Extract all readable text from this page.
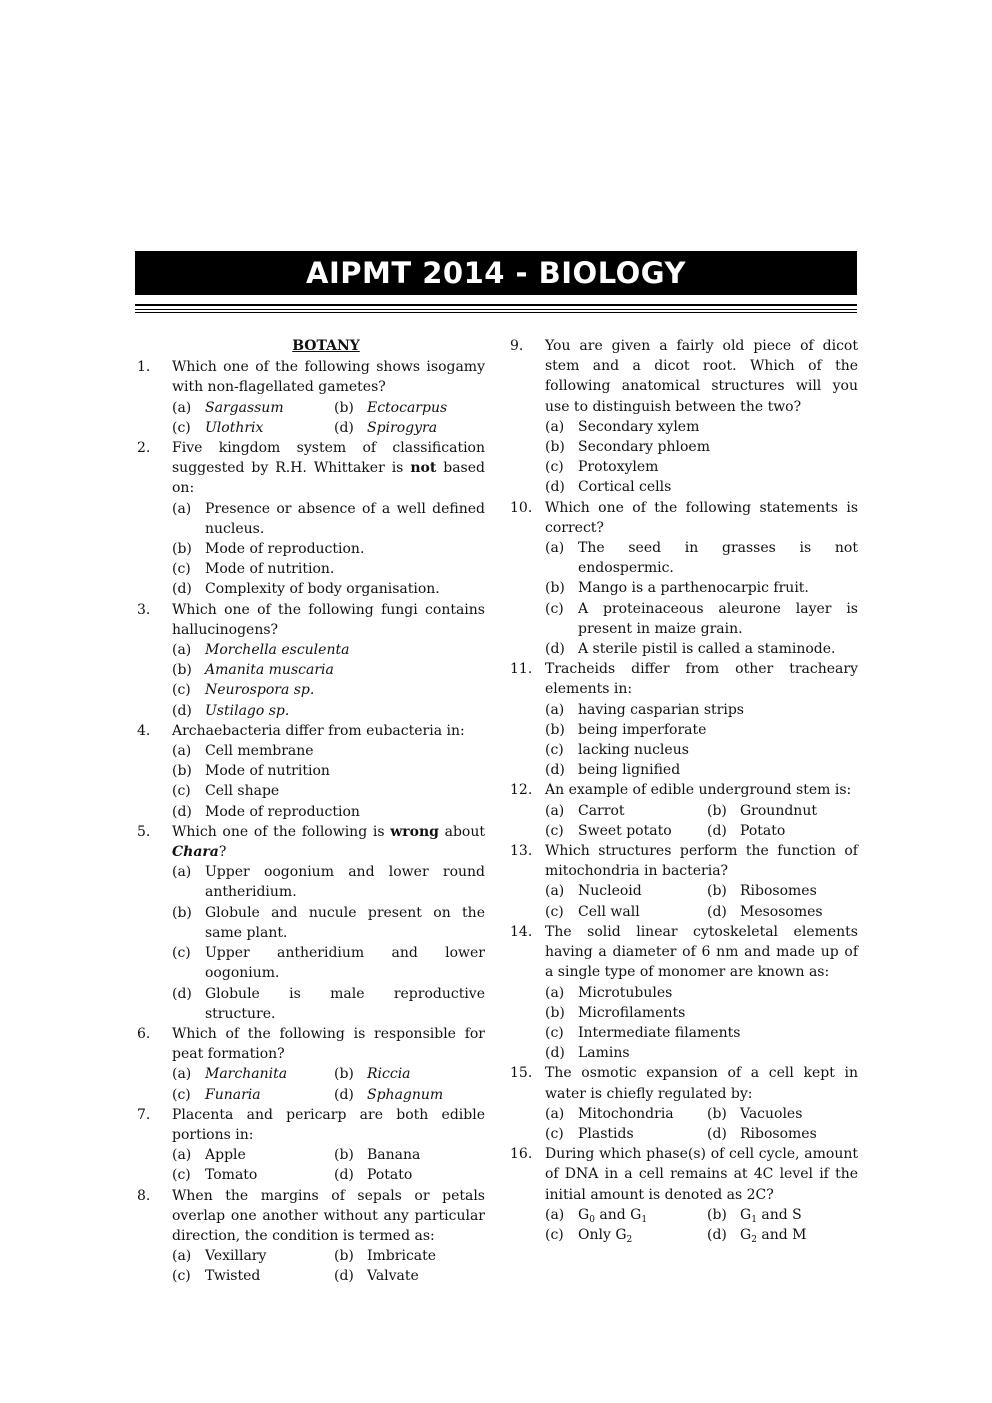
AIPMT 2014 - BIOLOGY
BOTANY
1. Which one of the following shows isogamy with non-flagellated gametes?
(a) Sargassum	(b) Ectocarpus
(c) Ulothrix	(d) Spirogyra
2. Five kingdom system of classification suggested by R.H. Whittaker is not based on:
(a) Presence or absence of a well defined nucleus.
(b) Mode of reproduction.
(c) Mode of nutrition.
(d) Complexity of body organisation.
3. Which one of the following fungi contains hallucinogens?
(a) Morchella esculenta
(b) Amanita muscaria
(c) Neurospora sp.
(d) Ustilago sp.
4. Archaebacteria differ from eubacteria in:
(a) Cell membrane
(b) Mode of nutrition
(c) Cell shape
(d) Mode of reproduction
5. Which one of the following is wrong about Chara?
(a) Upper oogonium and lower round antheridium.
(b) Globule and nucule present on the same plant.
(c) Upper antheridium and lower oogonium.
(d) Globule is male reproductive structure.
6. Which of the following is responsible for peat formation?
(a) Marchanita	(b) Riccia
(c) Funaria	(d) Sphagnum
7. Placenta and pericarp are both edible portions in:
(a) Apple	(b) Banana
(c) Tomato	(d) Potato
8. When the margins of sepals or petals overlap one another without any particular direction, the condition is termed as:
(a) Vexillary	(b) Imbricate
(c) Twisted	(d) Valvate
9. You are given a fairly old piece of dicot stem and a dicot root. Which of the following anatomical structures will you use to distinguish between the two?
(a) Secondary xylem
(b) Secondary phloem
(c) Protoxylem
(d) Cortical cells
10. Which one of the following statements is correct?
(a) The seed in grasses is not endospermic.
(b) Mango is a parthenocarpic fruit.
(c) A proteinaceous aleurone layer is present in maize grain.
(d) A sterile pistil is called a staminode.
11. Tracheids differ from other tracheary elements in:
(a) having casparian strips
(b) being imperforate
(c) lacking nucleus
(d) being lignified
12. An example of edible underground stem is:
(a) Carrot	(b) Groundnut
(c) Sweet potato	(d) Potato
13. Which structures perform the function of mitochondria in bacteria?
(a) Nucleoid	(b) Ribosomes
(c) Cell wall	(d) Mesosomes
14. The solid linear cytoskeletal elements having a diameter of 6 nm and made up of a single type of monomer are known as:
(a) Microtubules
(b) Microfilaments
(c) Intermediate filaments
(d) Lamins
15. The osmotic expansion of a cell kept in water is chiefly regulated by:
(a) Mitochondria	(b) Vacuoles
(c) Plastids	(d) Ribosomes
16. During which phase(s) of cell cycle, amount of DNA in a cell remains at 4C level if the initial amount is denoted as 2C?
(a) $G_0$ and $G_1$	(b) $G_1$ and S
(c) Only $G_2$	(d) $G_2$ and M
